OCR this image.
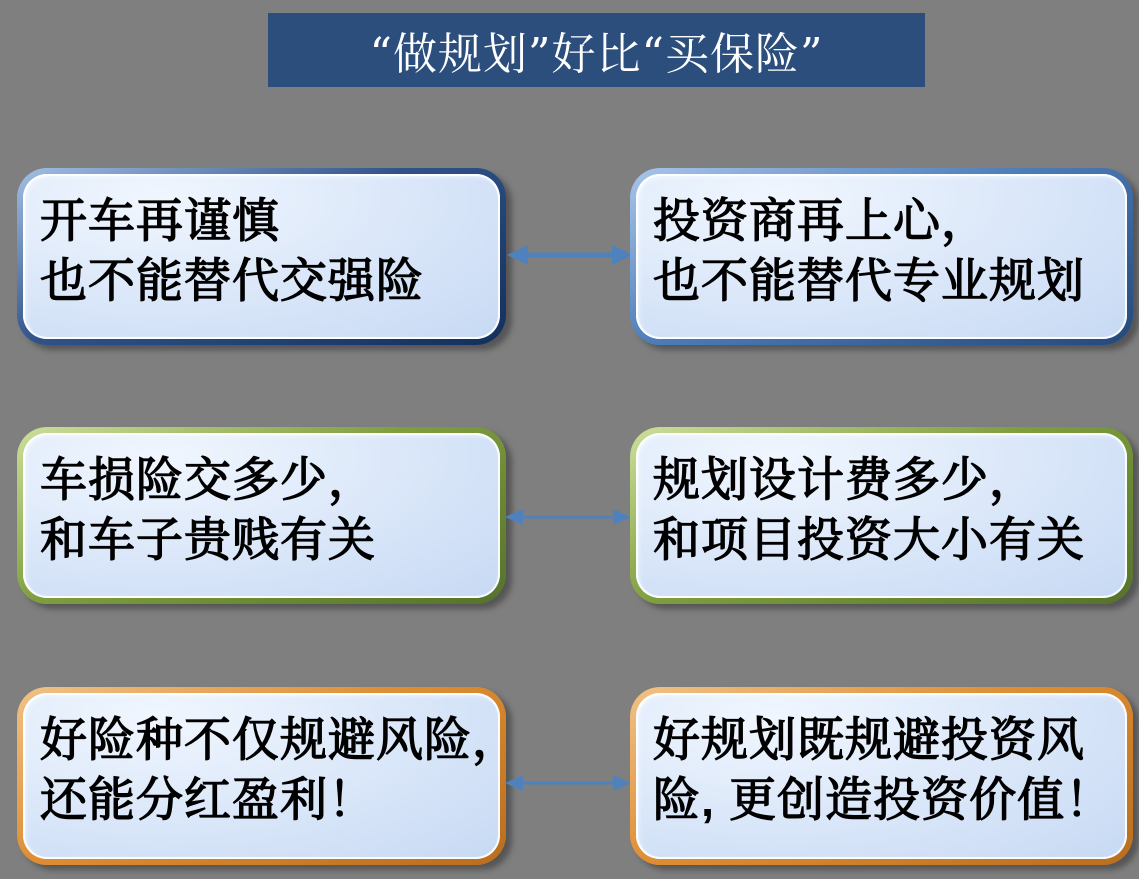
“做规划”好比“买保险”
开车再谨慎
也不能替代交强险
投资商再上心，
也不能替代专业规划
车损险交多少，
和车子贵贱有关
规划设计费多少，
和项目投资大小有关
好险种不仅规避风险，
还能分红盈利！
好规划既规避投资风
险, 更创造投资价值！
